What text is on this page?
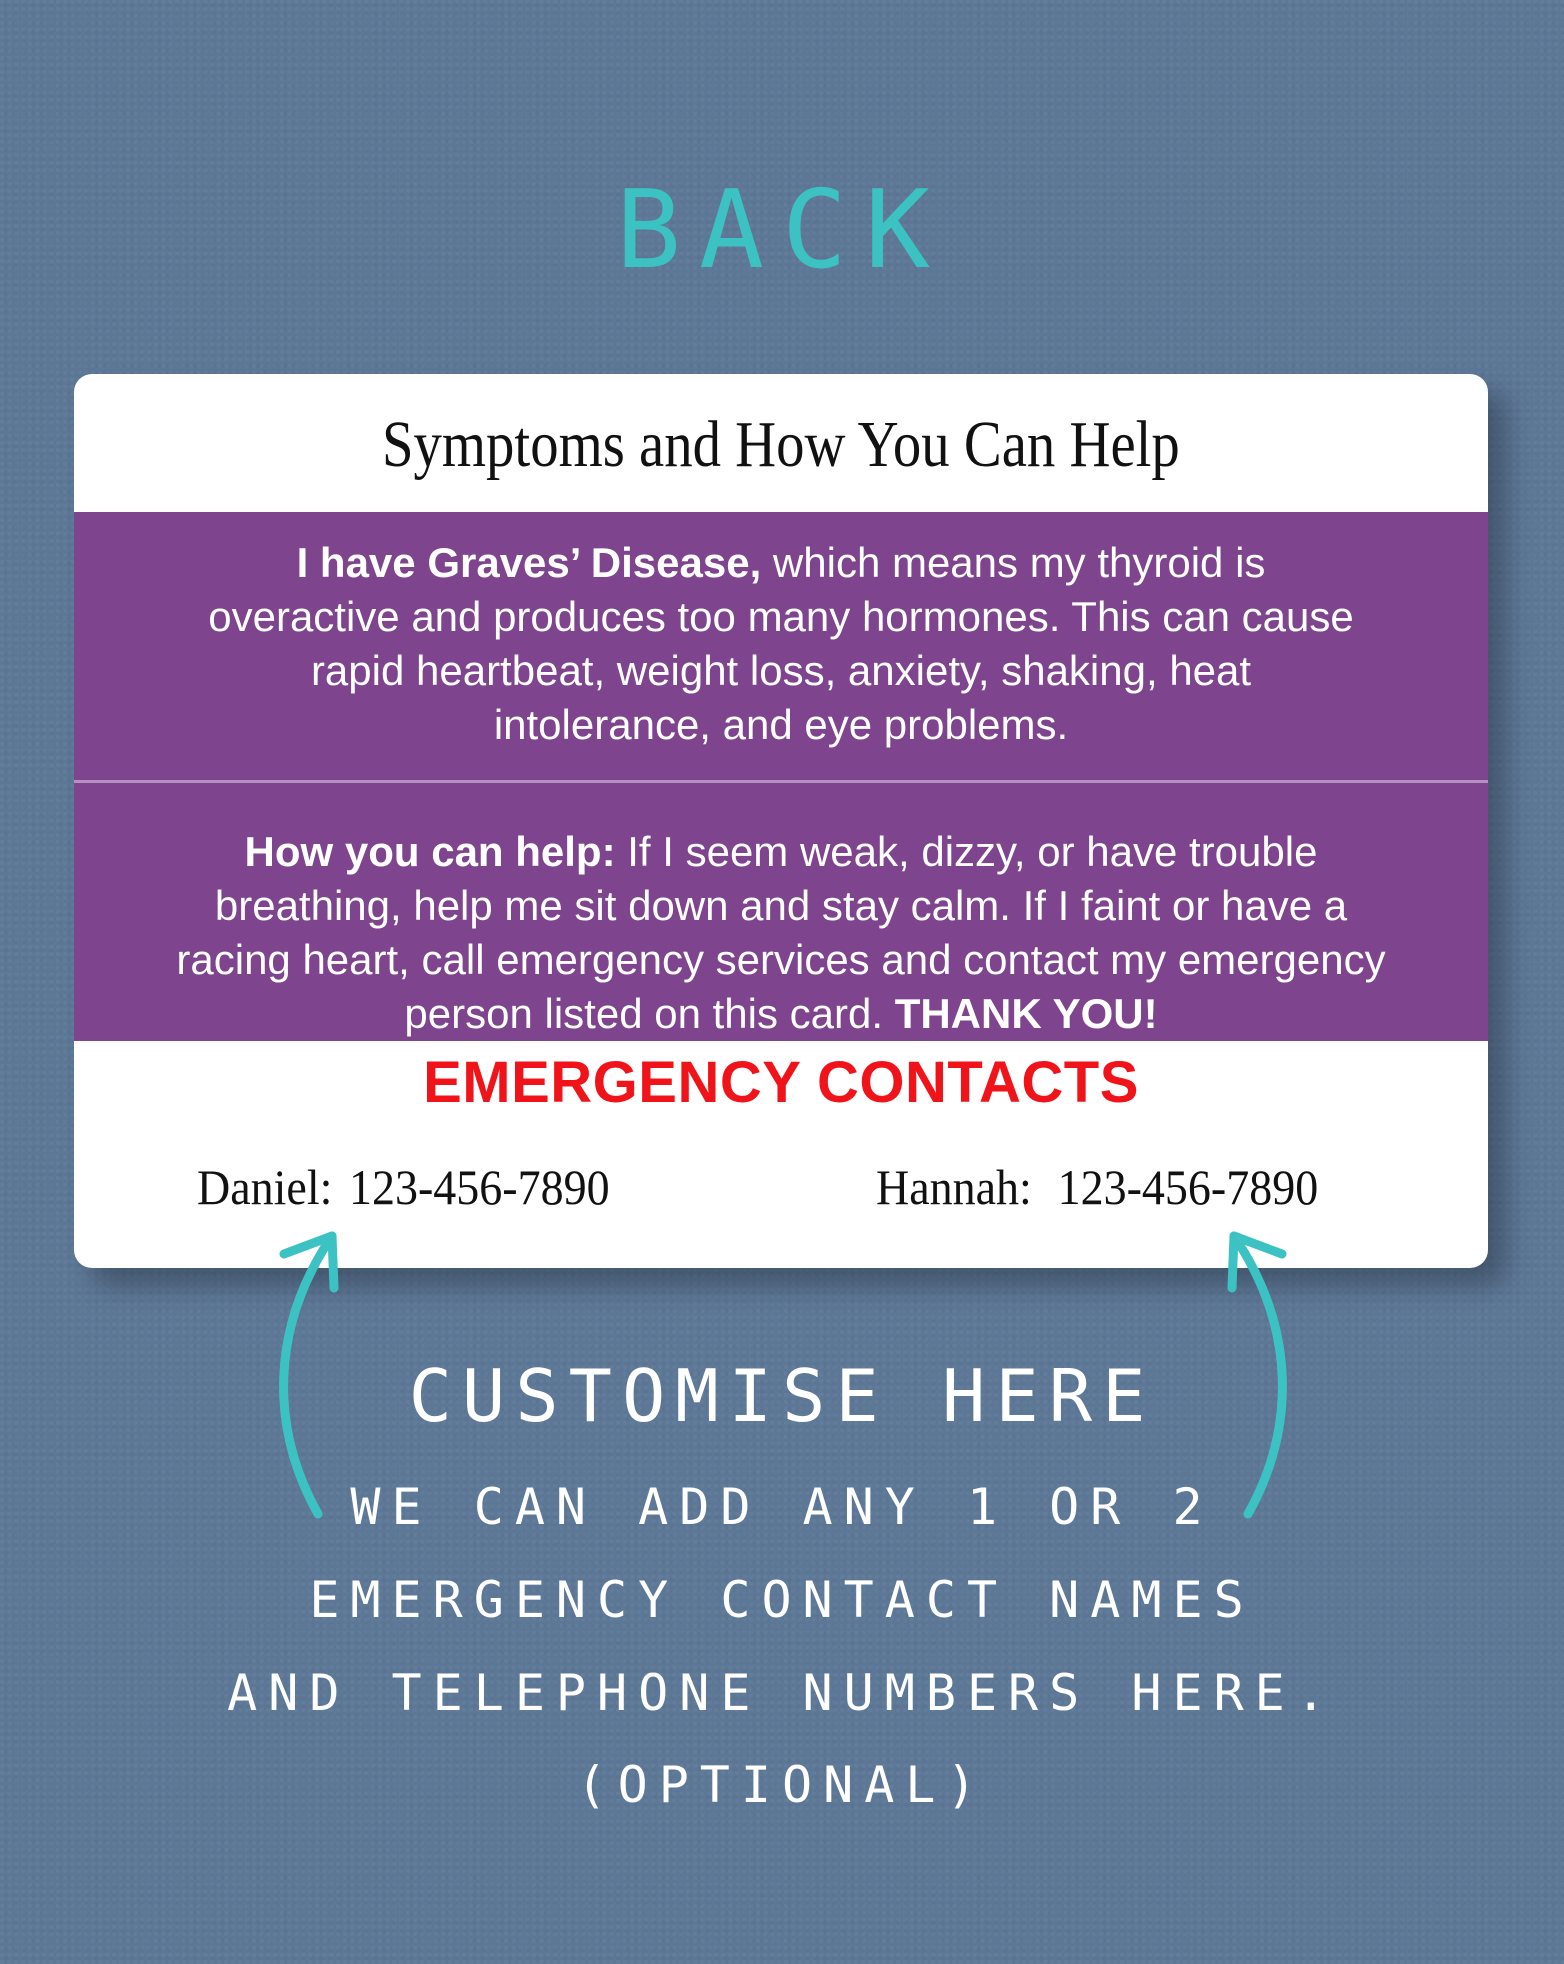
BACK
Symptoms and How You Can Help
I have Graves’ Disease, which means my thyroid is overactive and produces too many hormones. This can cause rapid heartbeat, weight loss, anxiety, shaking, heat intolerance, and eye problems.
How you can help: If I seem weak, dizzy, or have trouble breathing, help me sit down and stay calm. If I faint or have a racing heart, call emergency services and contact my emergency person listed on this card. THANK YOU!
EMERGENCY CONTACTS
Daniel: 123-456-7890	Hannah: 123-456-7890
CUSTOMISE HERE
WE CAN ADD ANY 1 OR 2
EMERGENCY CONTACT NAMES
AND TELEPHONE NUMBERS HERE.
(OPTIONAL)
